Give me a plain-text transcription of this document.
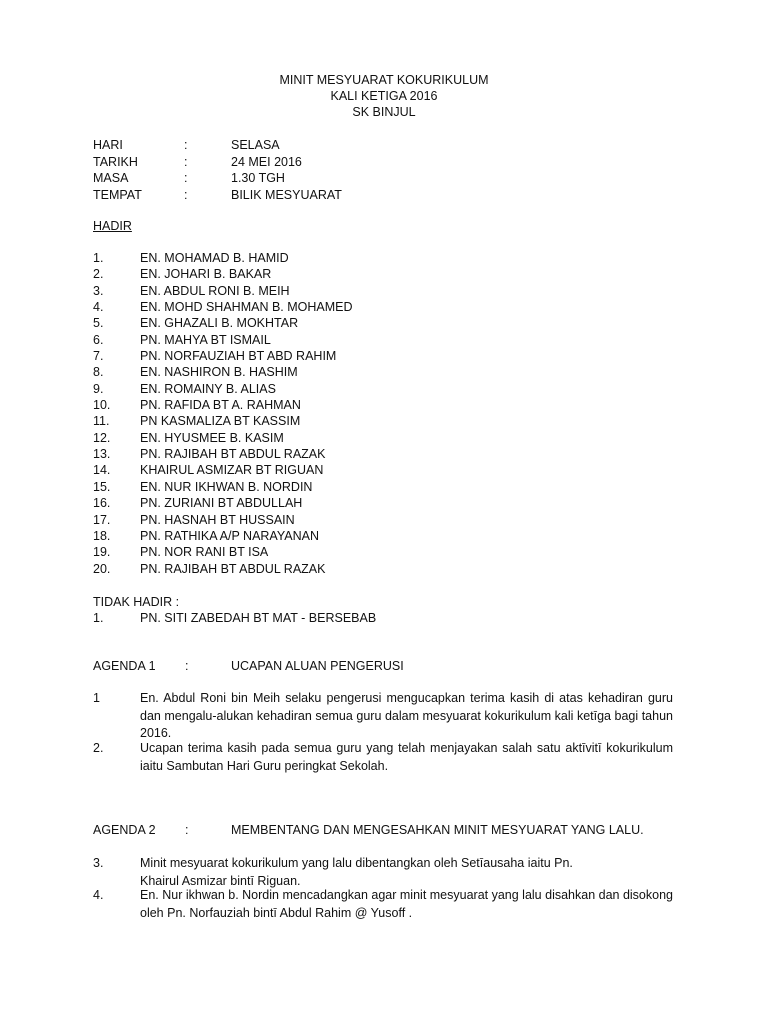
MINIT MESYUARAT KOKURIKULUM
KALI KETIGA 2016
SK BINJUL
HARI	:	SELASA
TARIKH	:	24 MEI 2016
MASA	:	1.30 TGH
TEMPAT	:	BILIK MESYUARAT
HADIR
1.	EN. MOHAMAD B. HAMID
2.	EN. JOHARI B. BAKAR
3.	EN. ABDUL RONI B. MEIH
4.	EN. MOHD SHAHMAN B. MOHAMED
5.	EN. GHAZALI B. MOKHTAR
6.	PN. MAHYA BT ISMAIL
7.	PN. NORFAUZIAH BT ABD RAHIM
8.	EN. NASHIRON B. HASHIM
9.	EN. ROMAINY B. ALIAS
10. PN. RAFIDA BT A. RAHMAN
11. PN KASMALIZA BT KASSIM
12. EN. HYUSMEE B. KASIM
13. PN. RAJIBAH BT ABDUL RAZAK
14. KHAIRUL ASMIZAR BT RIGUAN
15. EN. NUR IKHWAN B. NORDIN
16. PN. ZURIANI BT ABDULLAH
17. PN. HASNAH BT HUSSAIN
18. PN. RATHIKA A/P NARAYANAN
19. PN. NOR RANI BT ISA
20. PN. RAJIBAH BT ABDUL RAZAK
TIDAK HADIR :
1.	PN. SITI ZABEDAH BT MAT - BERSEBAB
AGENDA 1 :	UCAPAN ALUAN PENGERUSI
1	En. Abdul Roni bin Meih selaku pengerusi mengucapkan terima kasih di atas kehadiran guru dan mengalu-alukan kehadiran semua guru dalam mesyuarat kokurikulum kali ketīga bagi tahun 2016.
2.	Ucapan terima kasih pada semua guru yang telah menjayakan salah satu aktīvitī kokurikulum iaitu Sambutan Hari Guru peringkat Sekolah.
AGENDA 2 :	MEMBENTANG DAN MENGESAHKAN MINIT MESYUARAT YANG LALU.
3.	Minit mesyuarat kokurikulum yang lalu dibentangkan oleh Setīausaha iaitu Pn.
Khairul Asmizar bintī Riguan.
4.	En. Nur ikhwan b. Nordin mencadangkan agar minit mesyuarat yang lalu disahkan dan disokong oleh Pn. Norfauziah bintī Abdul Rahim @ Yusoff .
